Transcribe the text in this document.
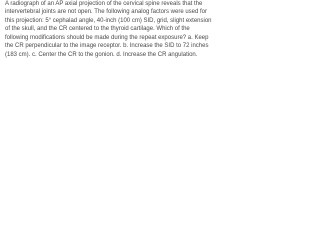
A radiograph of an AP axial projection of the cervical spine reveals that the intervertebral joints are not open. The following analog factors were used for this projection: 5° cephalad angle, 40-inch (100 cm) SID, grid, slight extension of the skull, and the CR centered to the thyroid cartilage. Which of the following modifications should be made during the repeat exposure? a. Keep the CR perpendicular to the image receptor. b. Increase the SID to 72 inches (183 cm). c. Center the CR to the gonion. d. Increase the CR angulation.
